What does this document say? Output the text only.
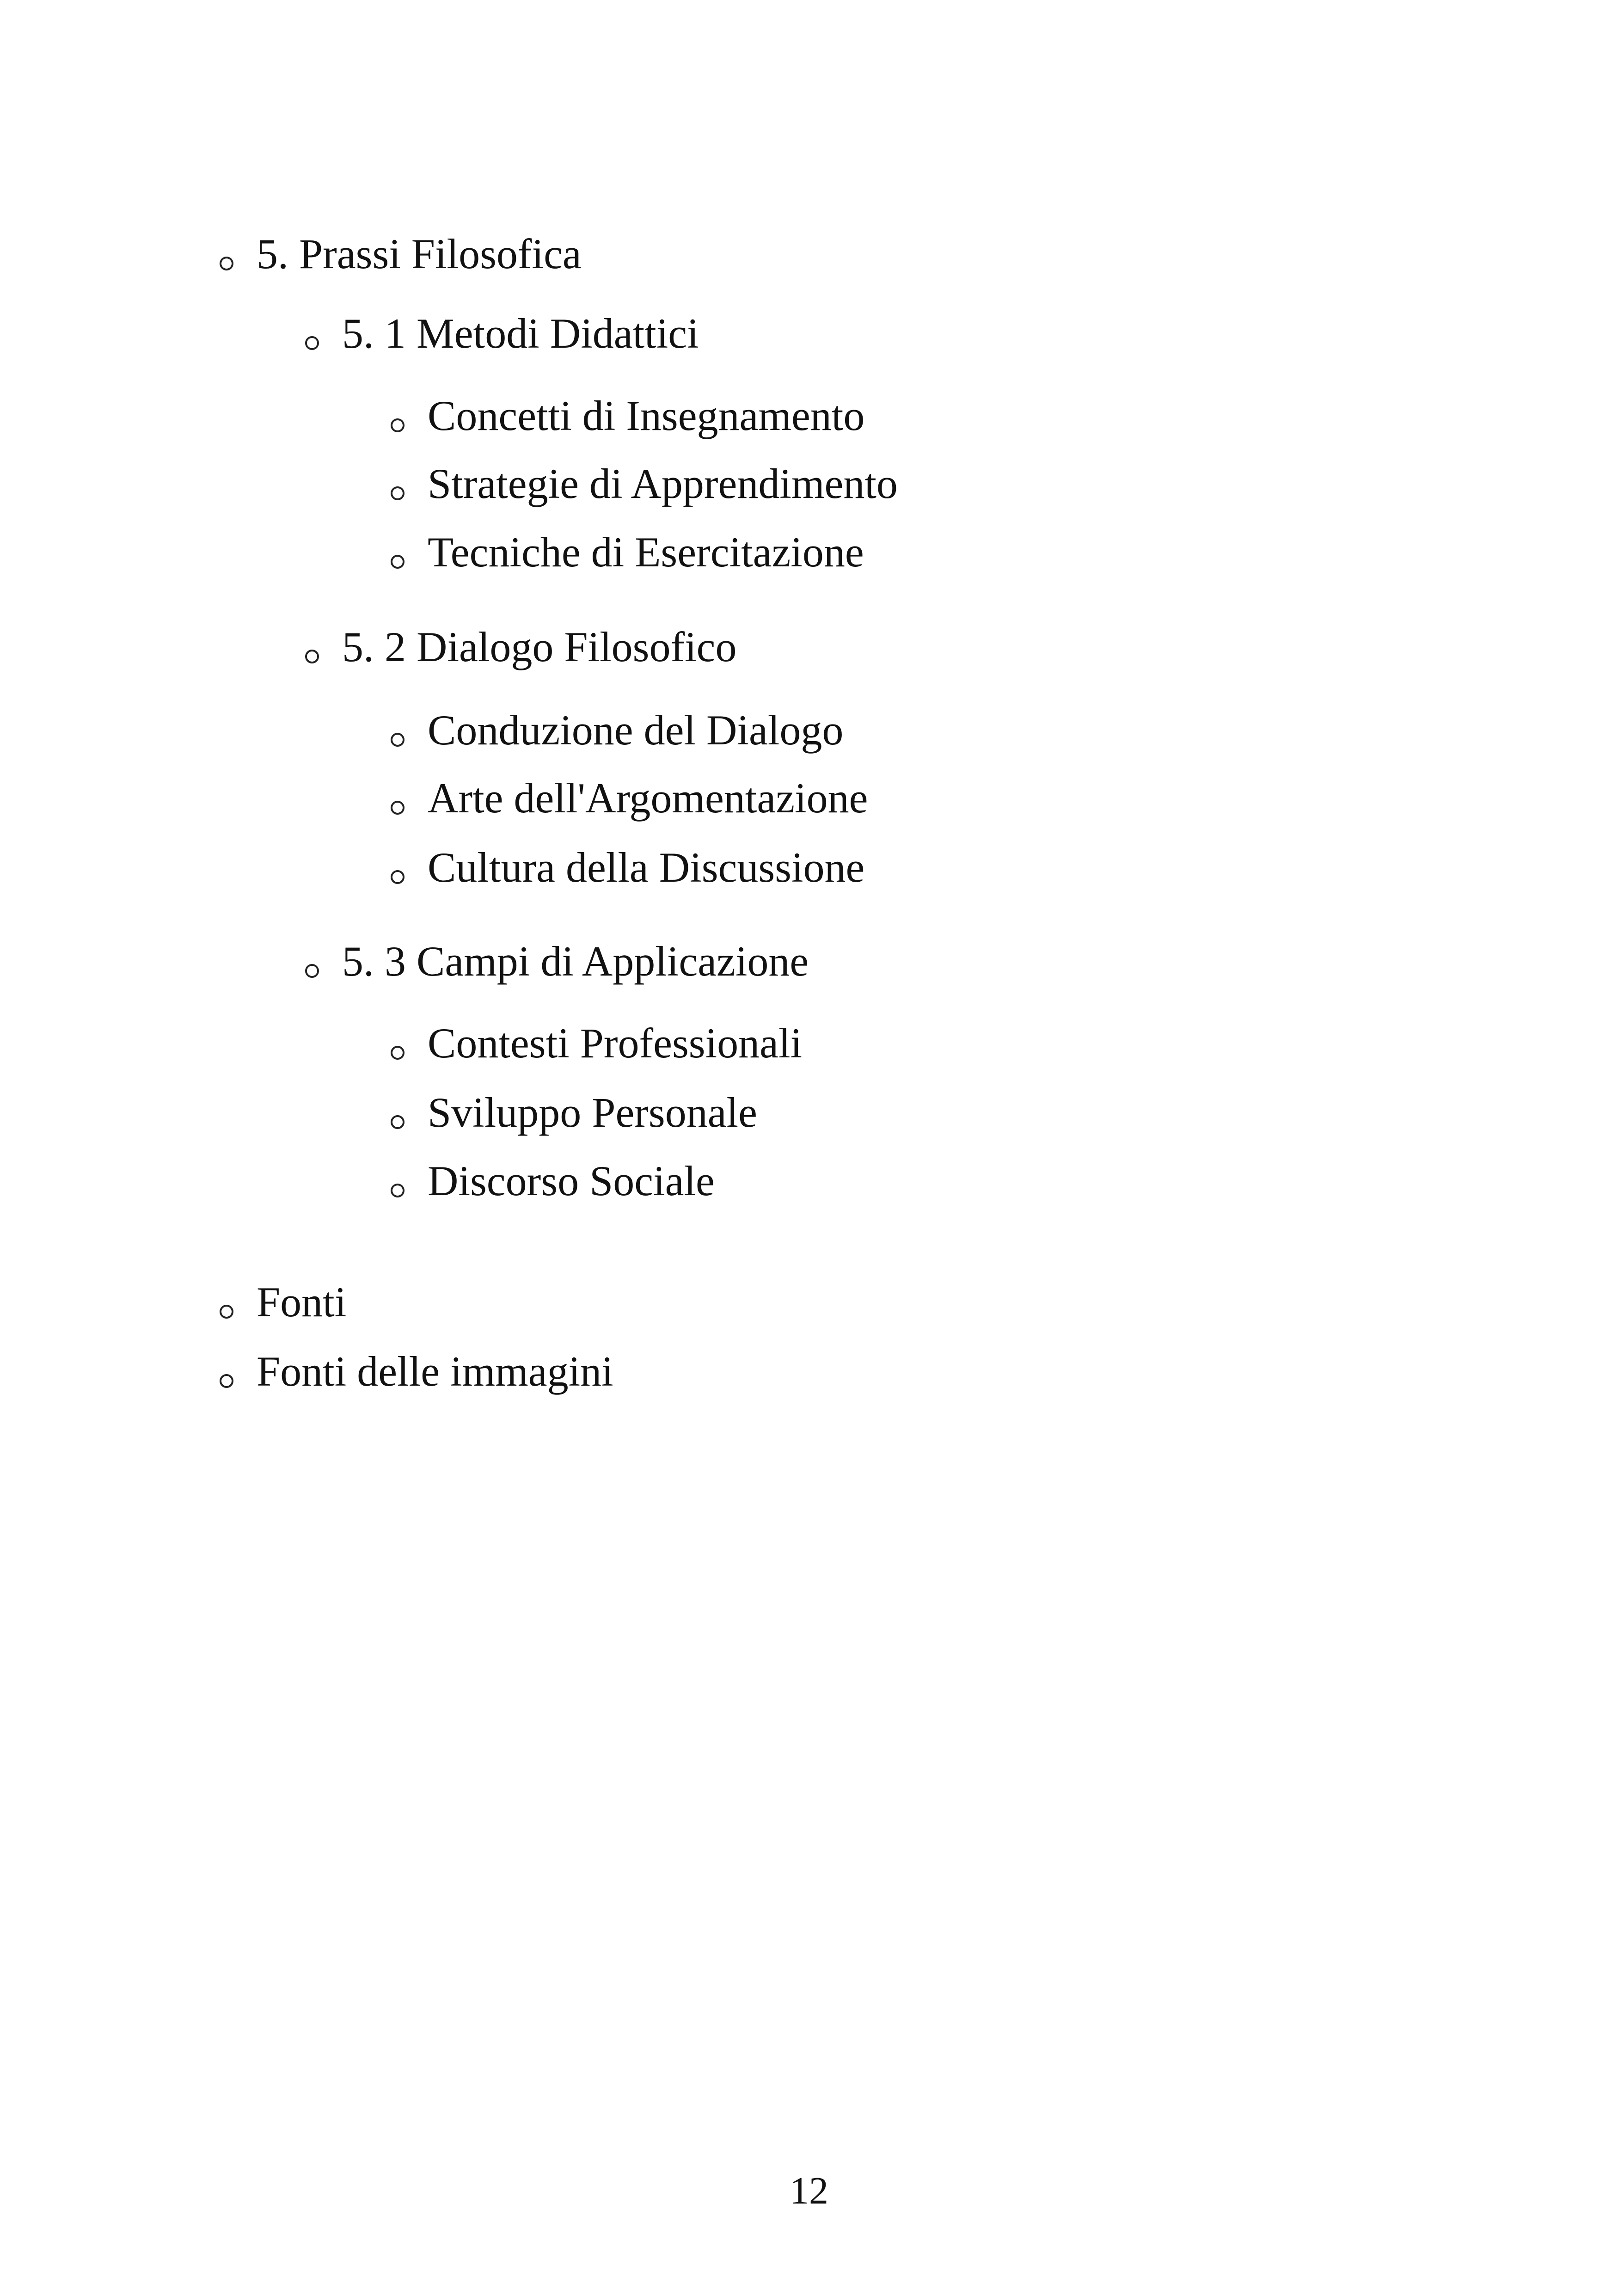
5. Prassi Filosofica
5. 1 Metodi Didattici
Concetti di Insegnamento
Strategie di Apprendimento
Tecniche di Esercitazione
5. 2 Dialogo Filosofico
Conduzione del Dialogo
Arte dell'Argomentazione
Cultura della Discussione
5. 3 Campi di Applicazione
Contesti Professionali
Sviluppo Personale
Discorso Sociale
Fonti
Fonti delle immagini
12
